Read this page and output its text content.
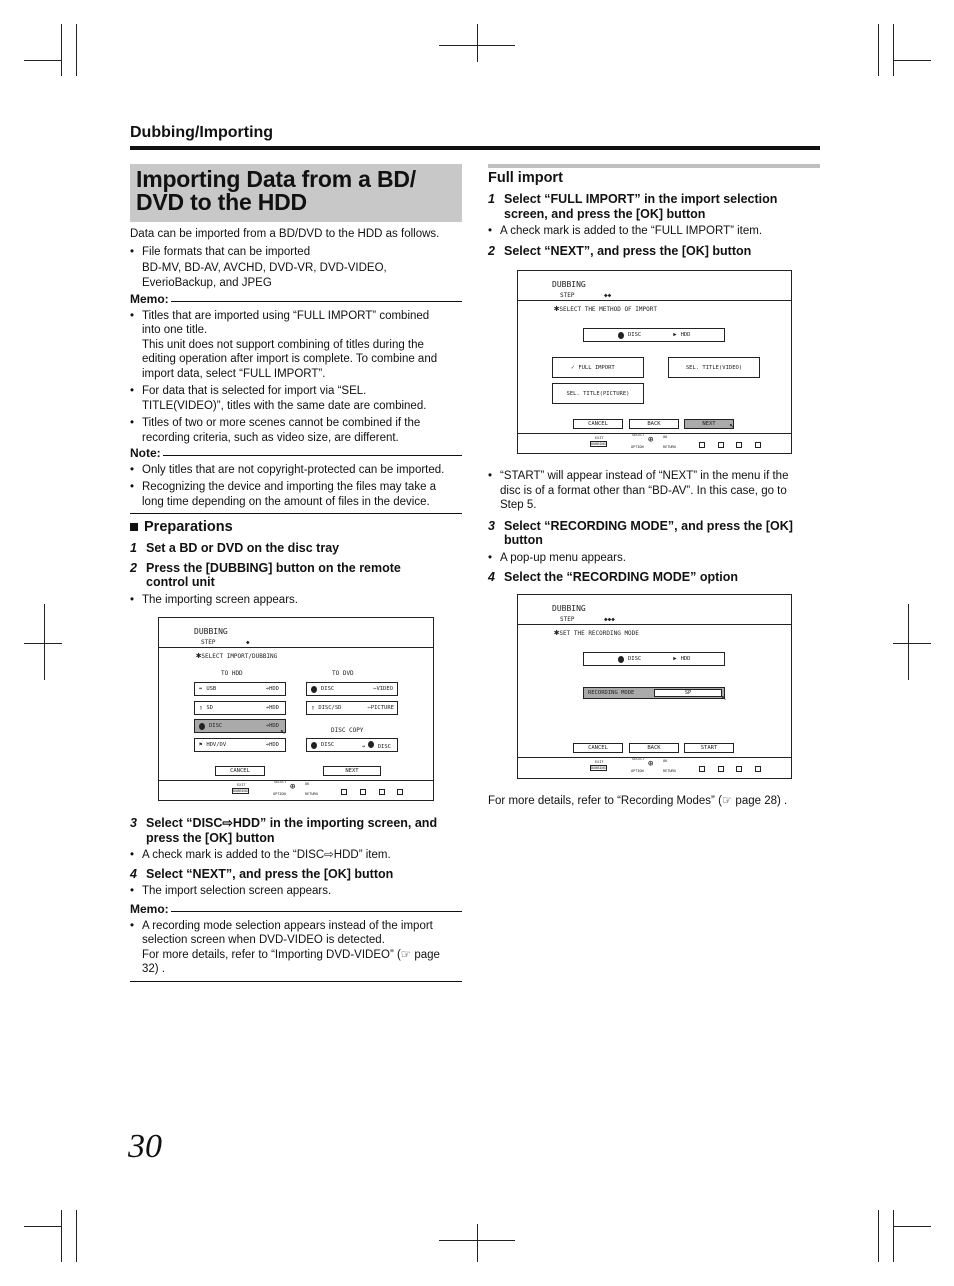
Dubbing/Importing
Importing Data from a BD/
DVD to the HDD
Data can be imported from a BD/DVD to the HDD as follows.
• File formats that can be imported
BD-MV, BD-AV, AVCHD, DVD-VR, DVD-VIDEO,
EverioBackup, and JPEG
Memo:
• Titles that are imported using “FULL IMPORT” combined
into one title.
This unit does not support combining of titles during the
editing operation after import is complete. To combine and
import data, select “FULL IMPORT”.
• For data that is selected for import via “SEL.
TITLE(VIDEO)”, titles with the same date are combined.
• Titles of two or more scenes cannot be combined if the
recording criteria, such as video size, are different.
Note:
• Only titles that are not copyright-protected can be imported.
• Recognizing the device and importing the files may take a
long time depending on the amount of files in the device.
Preparations
1 Set a BD or DVD on the disc tray
2 Press the [DUBBING] button on the remote
control unit
• The importing screen appears.
DUBBING
STEP	◆
✱SELECT IMPORT/DUBBING
TO HDD	TO DVD
⇹ USB	➔HDD
▯ SD	➔HDD
DISC	➔HDD
↖
⚑ HDV/DV	➔HDD
DISC	⇦VIDEO
▯ DISC/SD	⇦PICTURE
DISC COPY
DISC	➔  DISC
CANCEL	NEXT
EXIT
DUBBING
SELECT ⊕	OK
OPTION	RETURN
3 Select “DISC⇨HDD” in the importing screen, and
press the [OK] button
• A check mark is added to the “DISC⇨HDD” item.
4 Select “NEXT”, and press the [OK] button
• The import selection screen appears.
Memo:
• A recording mode selection appears instead of the import
selection screen when DVD-VIDEO is detected.
For more details, refer to “Importing DVD-VIDEO” (☞ page
32) .
Full import
1 Select “FULL IMPORT” in the import selection
screen, and press the [OK] button
• A check mark is added to the “FULL IMPORT” item.
2 Select “NEXT”, and press the [OK] button
DUBBING
STEP	◆◆
✱SELECT THE METHOD OF IMPORT
DISC	▶ HDD
✓ FULL IMPORT	SEL. TITLE(VIDEO)
SEL. TITLE(PICTURE)
CANCEL	BACK	NEXT	↖
EXIT
DUBBING
SELECT ⊕	OK
OPTION	RETURN
• “START” will appear instead of “NEXT” in the menu if the
disc is of a format other than “BD-AV”. In this case, go to
Step 5.
3 Select “RECORDING MODE”, and press the [OK]
button
• A pop-up menu appears.
4 Select the “RECORDING MODE” option
DUBBING
STEP	◆◆◆
✱SET THE RECORDING MODE
DISC	▶ HDD
RECORDING MODE	SP	↖
CANCEL	BACK	START
EXIT
DUBBING
SELECT ⊕	OK
OPTION	RETURN
For more details, refer to “Recording Modes” (☞ page 28) .
30
